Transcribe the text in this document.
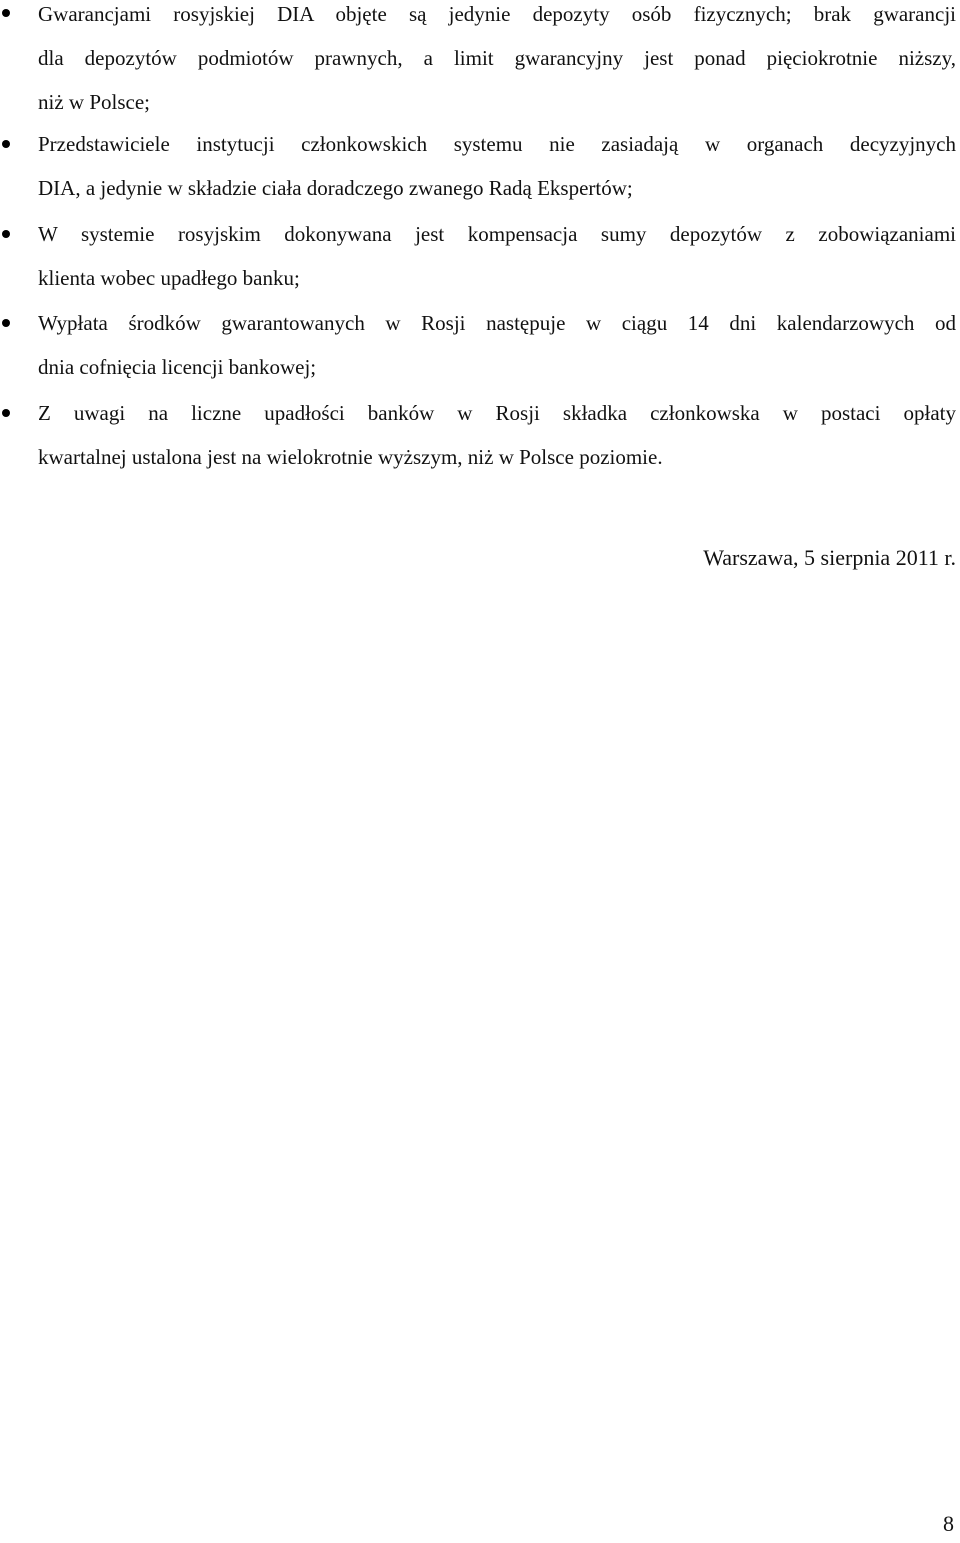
Gwarancjami rosyjskiej DIA objęte są jedynie depozyty osób fizycznych; brak gwarancji
dla depozytów podmiotów prawnych, a limit gwarancyjny jest ponad pięciokrotnie niższy,
niż w Polsce;
Przedstawiciele instytucji członkowskich systemu nie zasiadają w organach decyzyjnych
DIA, a jedynie w składzie ciała doradczego zwanego Radą Ekspertów;
W systemie rosyjskim dokonywana jest kompensacja sumy depozytów z zobowiązaniami
klienta wobec upadłego banku;
Wypłata środków gwarantowanych w Rosji następuje w ciągu 14 dni kalendarzowych od
dnia cofnięcia licencji bankowej;
Z uwagi na liczne upadłości banków w Rosji składka członkowska w postaci opłaty
kwartalnej ustalona jest na wielokrotnie wyższym, niż w Polsce poziomie.
Warszawa, 5 sierpnia 2011 r.
8
